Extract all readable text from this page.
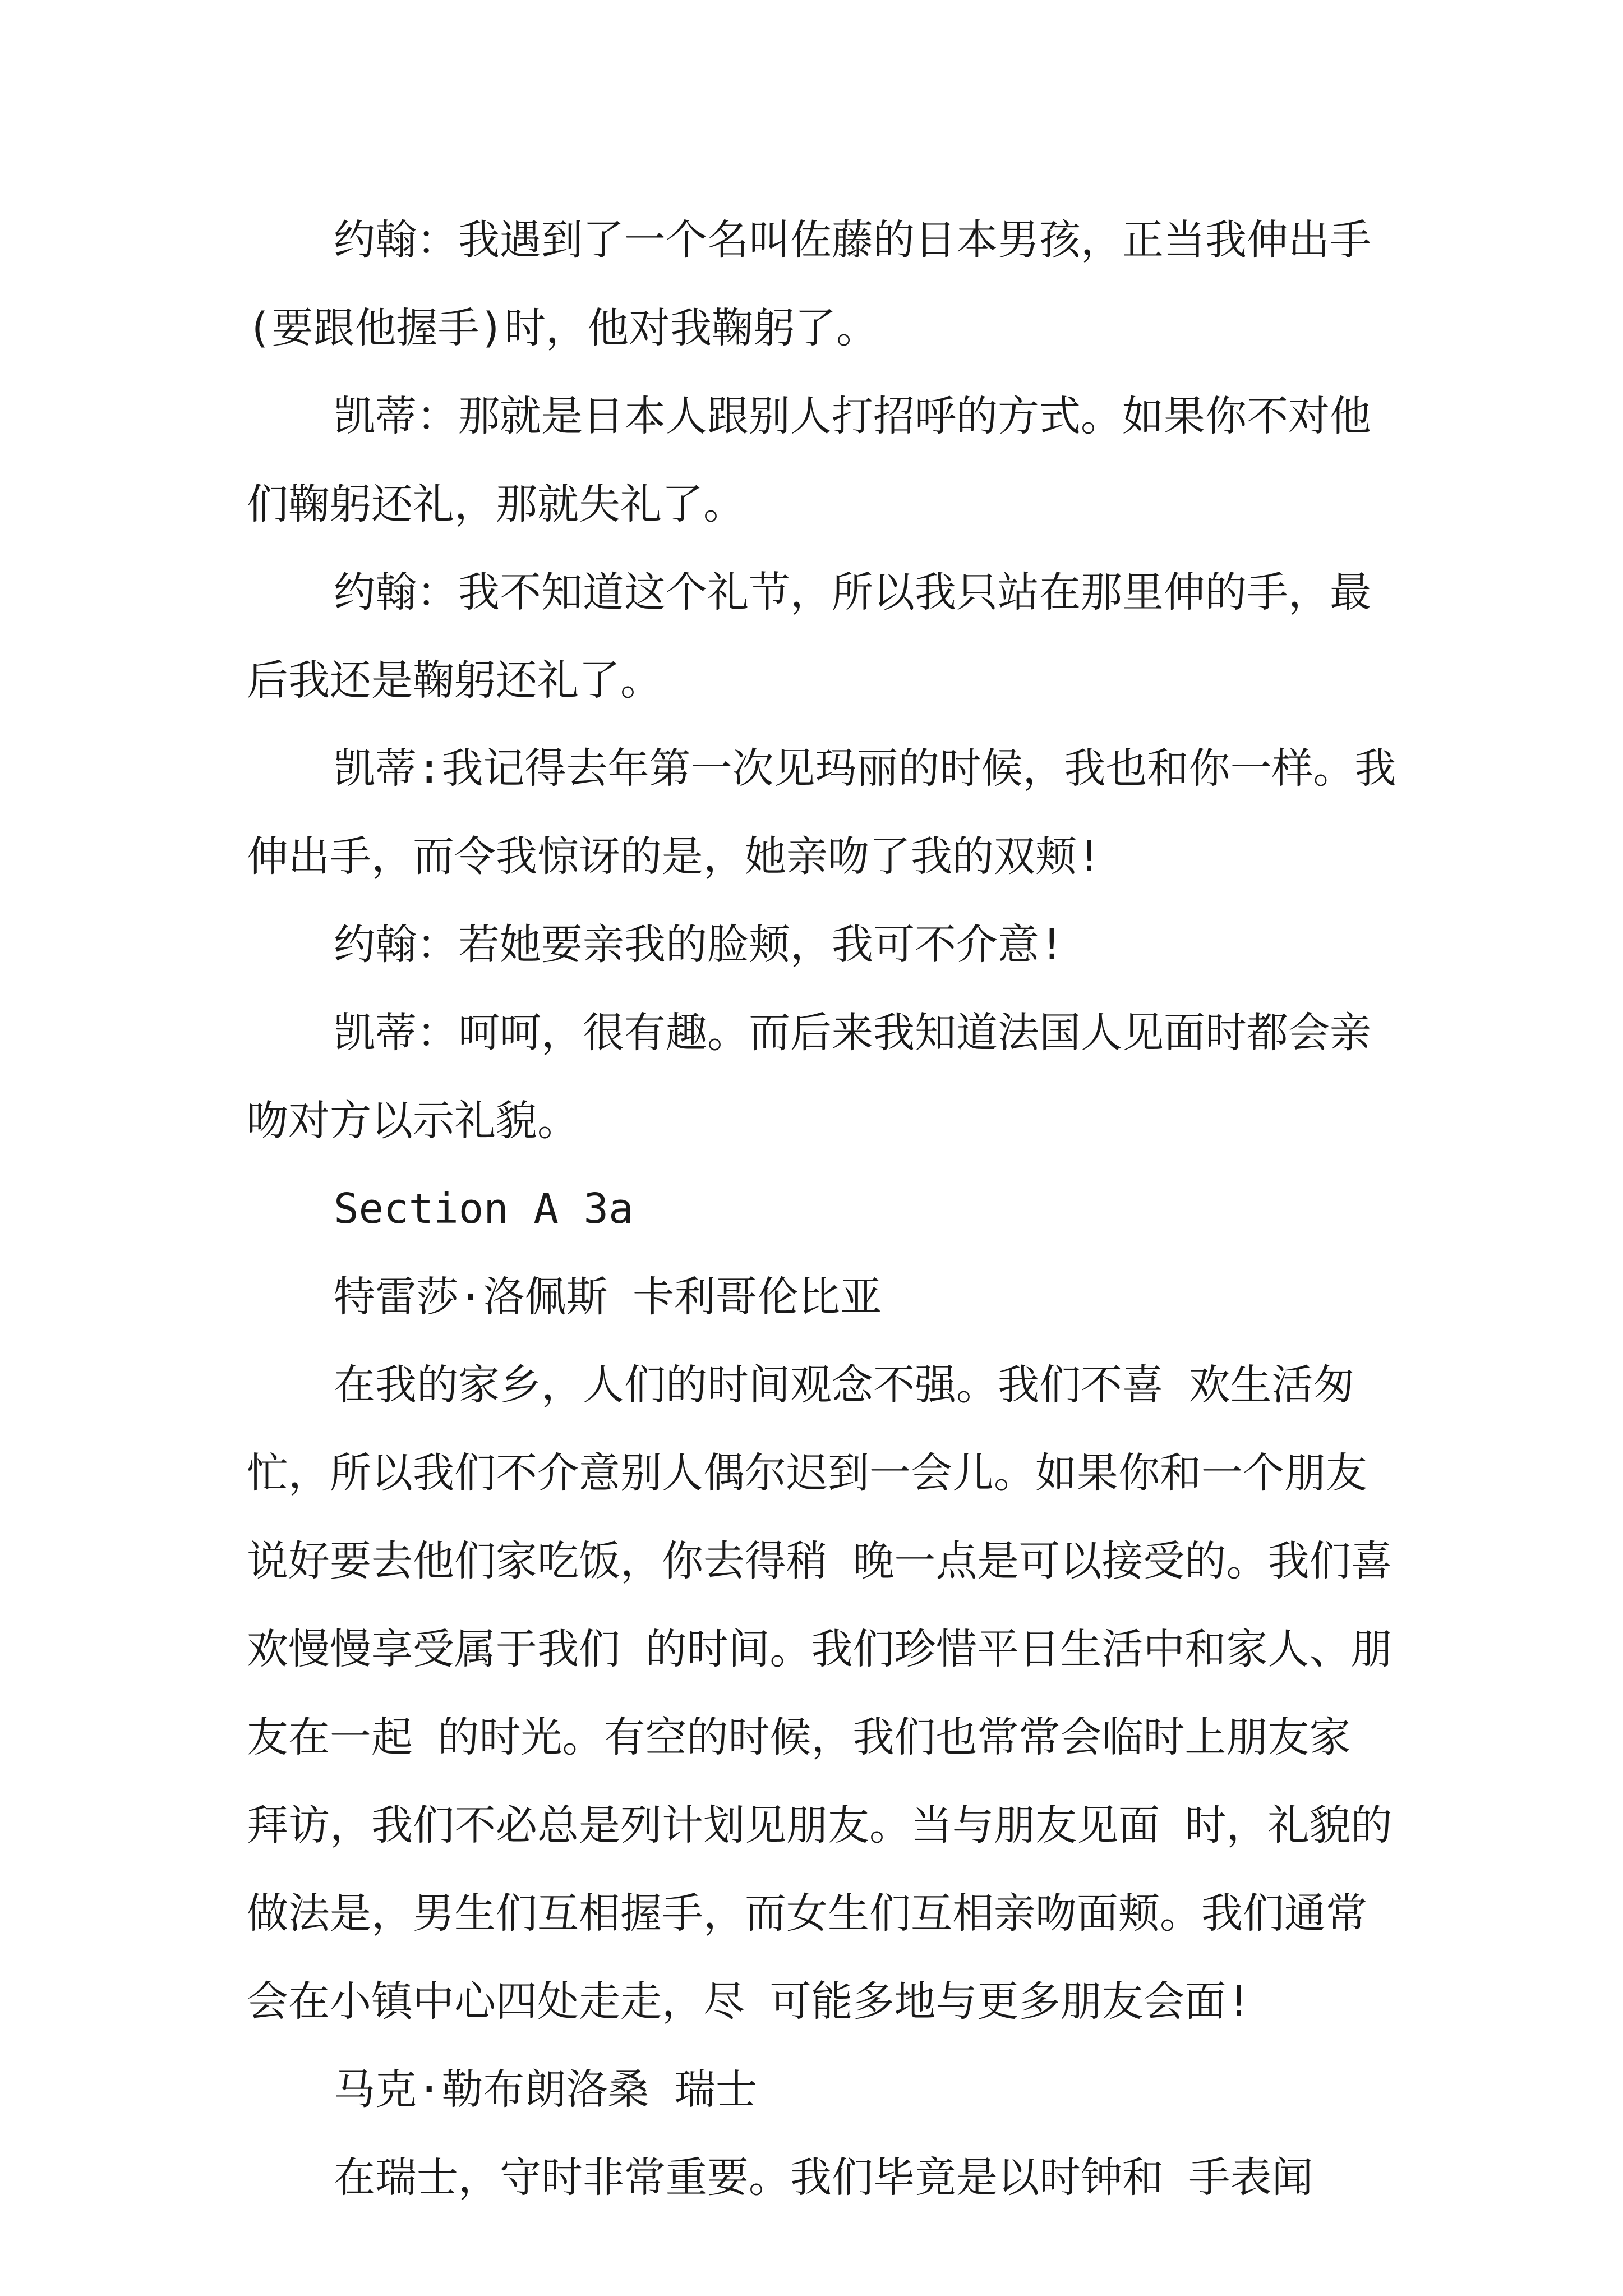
约翰：我遇到了一个名叫佐藤的日本男孩，正当我伸出手(要跟他握手)时，他对我鞠躬了。

凯蒂：那就是日本人跟别人打招呼的方式。如果你不对他们鞠躬还礼，那就失礼了。

约翰：我不知道这个礼节，所以我只站在那里伸的手，最后我还是鞠躬还礼了。

凯蒂:我记得去年第一次见玛丽的时候，我也和你一样。我伸出手，而令我惊讶的是，她亲吻了我的双颊!

约翰：若她要亲我的脸颊，我可不介意!

凯蒂：呵呵，很有趣。而后来我知道法国人见面时都会亲吻对方以示礼貌。

Section A 3a

特雷莎·洛佩斯 卡利哥伦比亚

在我的家乡，人们的时间观念不强。我们不喜 欢生活匆忙，所以我们不介意别人偶尔迟到一会儿。如果你和一个朋友说好要去他们家吃饭，你去得稍 晚一点是可以接受的。我们喜欢慢慢享受属于我们 的时间。我们珍惜平日生活中和家人、朋友在一起 的时光。有空的时候，我们也常常会临时上朋友家 拜访，我们不必总是列计划见朋友。当与朋友见面 时，礼貌的做法是，男生们互相握手，而女生们互相亲吻面颊。我们通常会在小镇中心四处走走，尽 可能多地与更多朋友会面!

马克·勒布朗洛桑 瑞士

在瑞士，守时非常重要。我们毕竟是以时钟和 手表闻
